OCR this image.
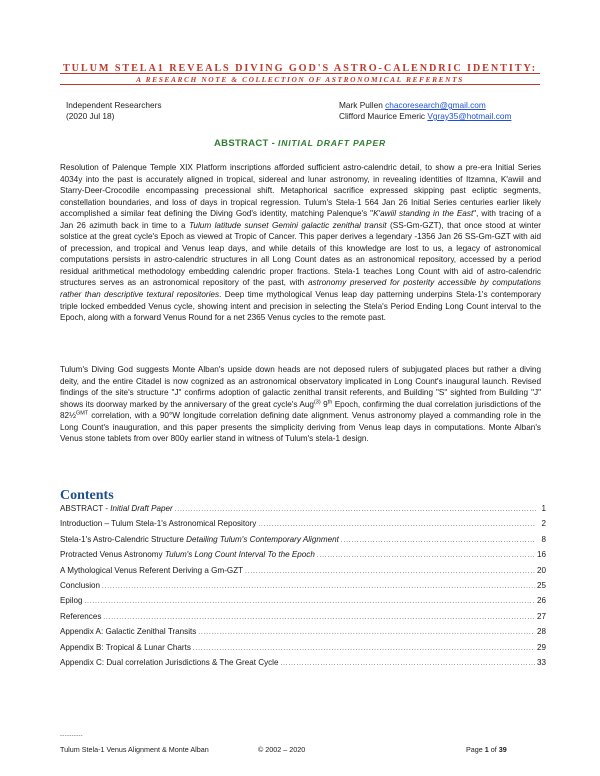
TULUM STELA1 REVEALS DIVING GOD'S ASTRO-CALENDRIC IDENTITY:
A RESEARCH NOTE & COLLECTION OF ASTRONOMICAL REFERENTS
Independent Researchers
(2020 Jul 18)
Mark Pullen chacoresearch@gmail.com
Clifford Maurice Emeric Vgray35@hotmail.com
ABSTRACT - INITIAL DRAFT PAPER
Resolution of Palenque Temple XIX Platform inscriptions afforded sufficient astro-calendric detail, to show a pre-era Initial Series 4034y into the past is accurately aligned in tropical, sidereal and lunar astronomy, in revealing identities of Itzamna, K'awiil and Starry-Deer-Crocodile encompassing precessional shift. Metaphorical sacrifice expressed skipping past ecliptic segments, constellation boundaries, and loss of days in tropical regression. Tulum's Stela-1 564 Jan 26 Initial Series centuries earlier likely accomplished a similar feat defining the Diving God's identity, matching Palenque's "K'awiil standing in the East", with tracing of a Jan 26 azimuth back in time to a Tulum latitude sunset Gemini galactic zenithal transit (SS-Gm-GZT), that once stood at winter solstice at the great cycle's Epoch as viewed at Tropic of Cancer. This paper derives a legendary -1356 Jan 26 SS-Gm-GZT with aid of precession, and tropical and Venus leap days, and while details of this knowledge are lost to us, a legacy of astronomical computations persists in astro-calendric structures in all Long Count dates as an astronomical repository, accessed by a period residual arithmetical methodology embedding calendric proper fractions. Stela-1 teaches Long Count with aid of astro-calendric structures serves as an astronomical repository of the past, with astronomy preserved for posterity accessible by computations rather than descriptive textural repositories. Deep time mythological Venus leap day patterning underpins Stela-1's contemporary triple locked embedded Venus cycle, showing intent and precision in selecting the Stela's Period Ending Long Count interval to the Epoch, along with a forward Venus Round for a net 2365 Venus cycles to the remote past.
Tulum's Diving God suggests Monte Alban's upside down heads are not deposed rulers of subjugated places but rather a diving deity, and the entire Citadel is now cognized as an astronomical observatory implicated in Long Count's inaugural launch. Revised findings of the site's structure "J" confirms adoption of galactic zenithal transit referents, and Building "S" sighted from Building "J" shows its doorway marked by the anniversary of the great cycle's Aug$^{(3)}$ 9th Epoch, confirming the dual correlation jurisdictions of the 82½$^{GMT}$ correlation, with a 90°W longitude correlation defining date alignment. Venus astronomy played a commanding role in the Long Count's inauguration, and this paper presents the simplicity deriving from Venus leap days in computations. Monte Alban's Venus stone tablets from over 800y earlier stand in witness of Tulum's stela-1 design.
Contents
ABSTRACT - Initial Draft Paper .....	1
Introduction – Tulum Stela-1's Astronomical Repository .....	2
Stela-1's Astro-Calendric Structure Detailing Tulum's Contemporary Alignment .....	8
Protracted Venus Astronomy Tulum's Long Count Interval To the Epoch .....	16
A Mythological Venus Referent Deriving a Gm-GZT .....	20
Conclusion .....	25
Epilog .....	26
References .....	27
Appendix A: Galactic Zenithal Transits .....	28
Appendix B: Tropical & Lunar Charts .....	29
Appendix C: Dual correlation Jurisdictions & The Great Cycle .....	33
----------
Tulum Stela-1 Venus Alignment & Monte Alban	© 2002 – 2020	Page 1 of 39
